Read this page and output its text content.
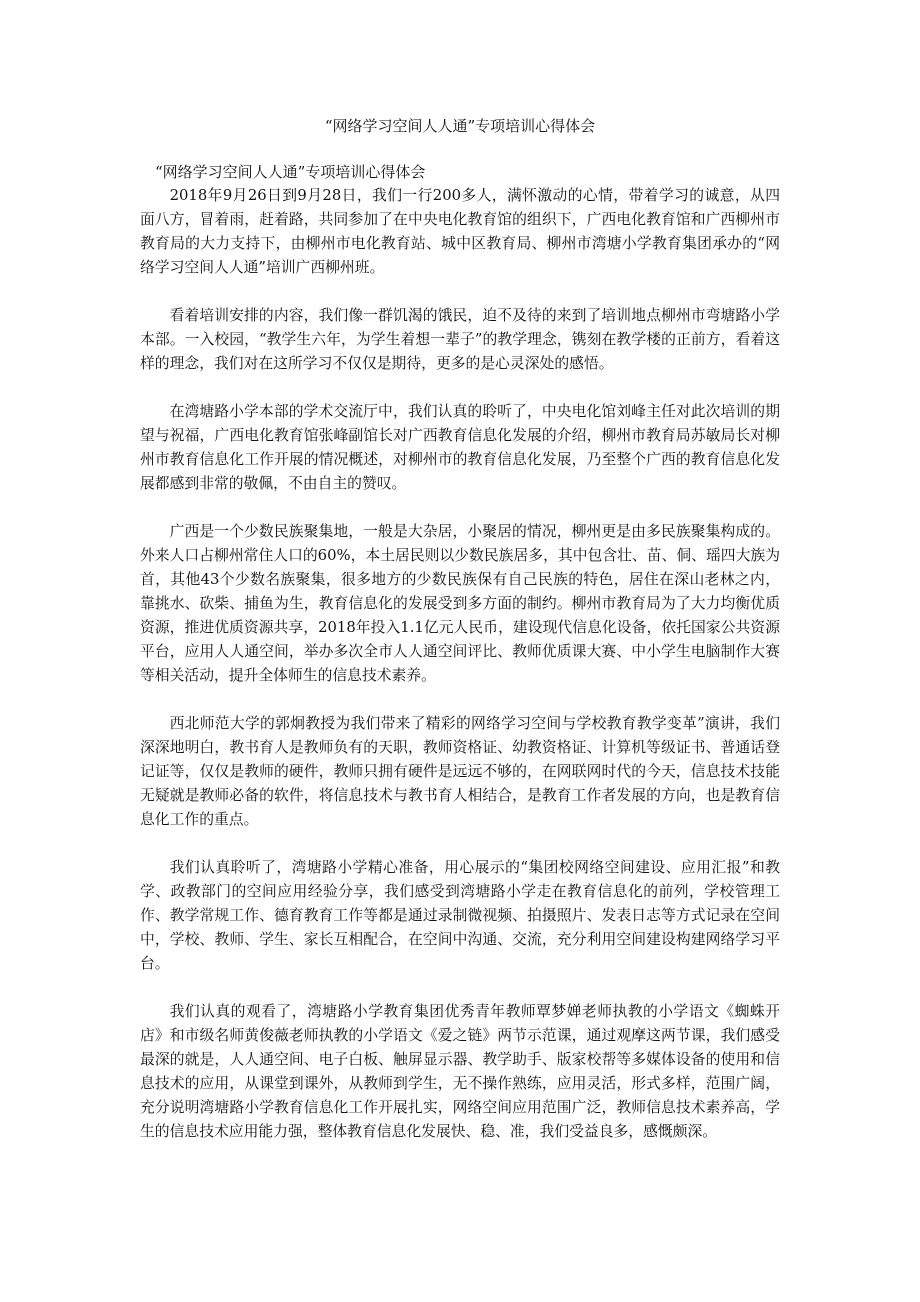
“网络学习空间人人通”专项培训心得体会

“网络学习空间人人通”专项培训心得体会

2018年9月26日到9月28日，我们一行200多人，满怀激动的心情，带着学习的诚意，从四面八方，冒着雨，赶着路，共同参加了在中央电化教育馆的组织下，广西电化教育馆和广西柳州市教育局的大力支持下，由柳州市电化教育站、城中区教育局、柳州市湾塘小学教育集团承办的“网络学习空间人人通”培训广西柳州班。

看着培训安排的内容，我们像一群饥渴的饿民，迫不及待的来到了培训地点柳州市弯塘路小学本部。一入校园，“教学生六年，为学生着想一辈子”的教学理念，镌刻在教学楼的正前方，看着这样的理念，我们对在这所学习不仅仅是期待，更多的是心灵深处的感悟。

在湾塘路小学本部的学术交流厅中，我们认真的聆听了，中央电化馆刘峰主任对此次培训的期望与祝福，广西电化教育馆张峰副馆长对广西教育信息化发展的介绍，柳州市教育局苏敏局长对柳州市教育信息化工作开展的情况概述，对柳州市的教育信息化发展，乃至整个广西的教育信息化发展都感到非常的敬佩，不由自主的赞叹。

广西是一个少数民族聚集地，一般是大杂居，小聚居的情况，柳州更是由多民族聚集构成的。外来人口占柳州常住人口的60%，本土居民则以少数民族居多，其中包含壮、苗、侗、瑶四大族为首，其他43个少数名族聚集，很多地方的少数民族保有自己民族的特色，居住在深山老林之内，靠挑水、砍柴、捕鱼为生，教育信息化的发展受到多方面的制约。柳州市教育局为了大力均衡优质资源，推进优质资源共享，2018年投入1.1亿元人民币，建设现代信息化设备，依托国家公共资源平台，应用人人通空间，举办多次全市人人通空间评比、教师优质课大赛、中小学生电脑制作大赛等相关活动，提升全体师生的信息技术素养。

西北师范大学的郭炯教授为我们带来了精彩的网络学习空间与学校教育教学变革”演讲，我们深深地明白，教书育人是教师负有的天职，教师资格证、幼教资格证、计算机等级证书、普通话登记证等，仅仅是教师的硬件，教师只拥有硬件是远远不够的，在网联网时代的今天，信息技术技能无疑就是教师必备的软件，将信息技术与教书育人相结合，是教育工作者发展的方向，也是教育信息化工作的重点。

我们认真聆听了，湾塘路小学精心准备，用心展示的“集团校网络空间建设、应用汇报”和教学、政教部门的空间应用经验分享，我们感受到湾塘路小学走在教育信息化的前列，学校管理工作、教学常规工作、德育教育工作等都是通过录制微视频、拍摄照片、发表日志等方式记录在空间中，学校、教师、学生、家长互相配合，在空间中沟通、交流，充分利用空间建设构建网络学习平台。

我们认真的观看了，湾塘路小学教育集团优秀青年教师覃梦婵老师执教的小学语文《蜘蛛开店》和市级名师黄俊薇老师执教的小学语文《爱之链》两节示范课，通过观摩这两节课，我们感受最深的就是，人人通空间、电子白板、触屏显示器、教学助手、版家校帮等多媒体设备的使用和信息技术的应用，从课堂到课外，从教师到学生，无不操作熟练，应用灵活，形式多样，范围广阔，充分说明湾塘路小学教育信息化工作开展扎实，网络空间应用范围广泛，教师信息技术素养高，学生的信息技术应用能力强，整体教育信息化发展快、稳、准，我们受益良多，感慨颇深。
